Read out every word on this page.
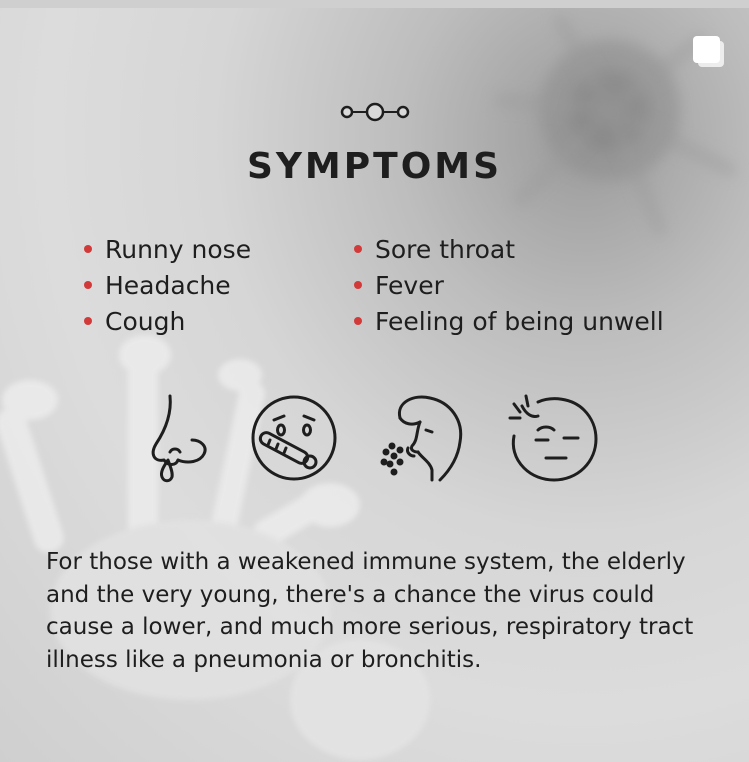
SYMPTOMS
Runny nose
Headache
Cough
Sore throat
Fever
Feeling of being unwell
For those with a weakened immune system, the elderly and the very young, there's a chance the virus could cause a lower, and much more serious, respiratory tract illness like a pneumonia or bronchitis.
